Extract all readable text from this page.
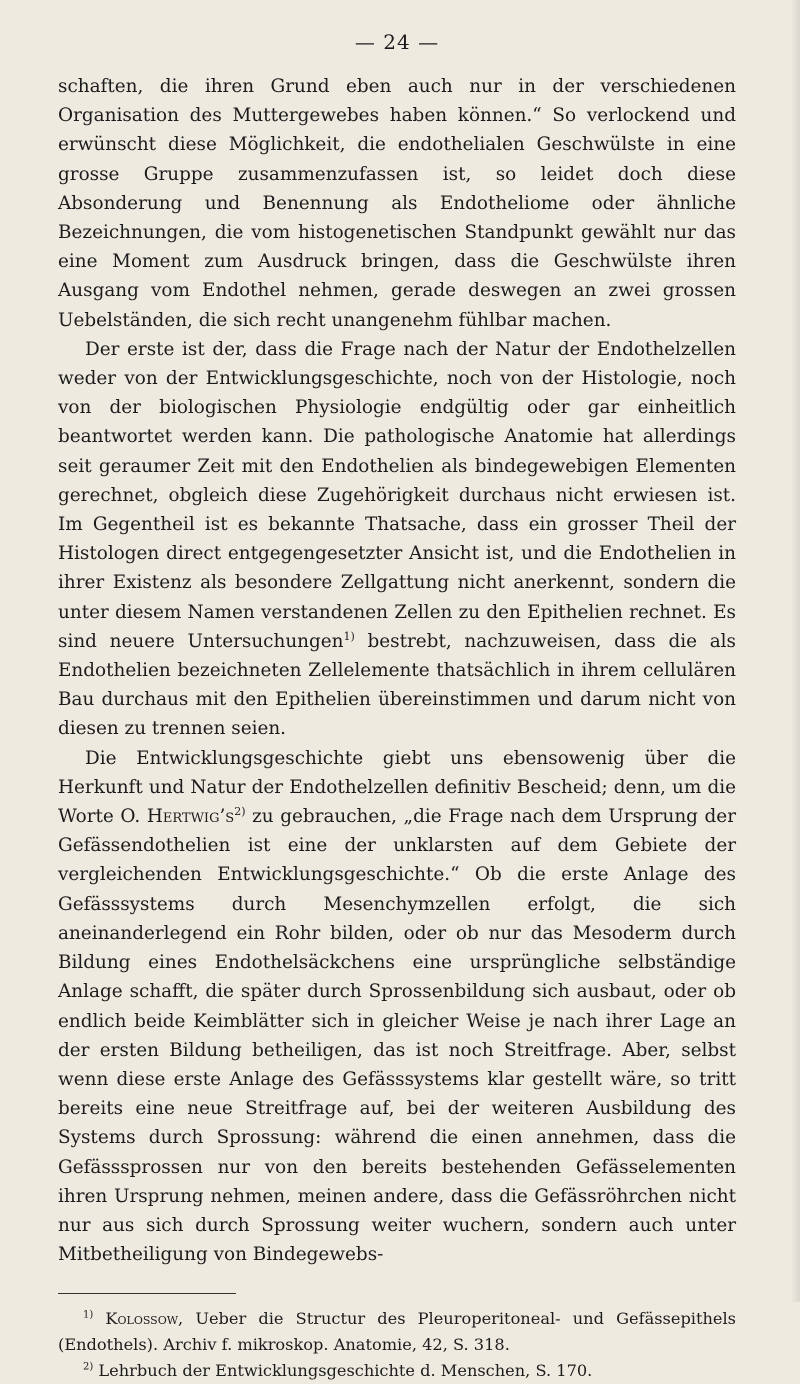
— 24 —

schaften, die ihren Grund eben auch nur in der verschiedenen Organisation des Muttergewebes haben können.“ So verlockend und erwünscht diese Möglichkeit, die endothelialen Geschwülste in eine grosse Gruppe zusammenzufassen ist, so leidet doch diese Absonderung und Benennung als Endotheliome oder ähnliche Bezeichnungen, die vom histogenetischen Standpunkt gewählt nur das eine Moment zum Ausdruck bringen, dass die Geschwülste ihren Ausgang vom Endothel nehmen, gerade deswegen an zwei grossen Uebelständen, die sich recht unangenehm fühlbar machen.

Der erste ist der, dass die Frage nach der Natur der Endothelzellen weder von der Entwicklungsgeschichte, noch von der Histologie, noch von der biologischen Physiologie endgültig oder gar einheitlich beantwortet werden kann. Die pathologische Anatomie hat allerdings seit geraumer Zeit mit den Endothelien als bindegewebigen Elementen gerechnet, obgleich diese Zugehörigkeit durchaus nicht erwiesen ist. Im Gegentheil ist es bekannte Thatsache, dass ein grosser Theil der Histologen direct entgegengesetzter Ansicht ist, und die Endothelien in ihrer Existenz als besondere Zellgattung nicht anerkennt, sondern die unter diesem Namen verstandenen Zellen zu den Epithelien rechnet. Es sind neuere Untersuchungen$^{1)}$ bestrebt, nachzuweisen, dass die als Endothelien bezeichneten Zellelemente thatsächlich in ihrem cellulären Bau durchaus mit den Epithelien übereinstimmen und darum nicht von diesen zu trennen seien.

Die Entwicklungsgeschichte giebt uns ebensowenig über die Herkunft und Natur der Endothelzellen definitiv Bescheid; denn, um die Worte O. Hertwig’s$^{2)}$ zu gebrauchen, „die Frage nach dem Ursprung der Gefässendothelien ist eine der unklarsten auf dem Gebiete der vergleichenden Entwicklungsgeschichte.“ Ob die erste Anlage des Gefässsystems durch Mesenchymzellen erfolgt, die sich aneinanderlegend ein Rohr bilden, oder ob nur das Mesoderm durch Bildung eines Endothelsäckchens eine ursprüngliche selbständige Anlage schafft, die später durch Sprossenbildung sich ausbaut, oder ob endlich beide Keimblätter sich in gleicher Weise je nach ihrer Lage an der ersten Bildung betheiligen, das ist noch Streitfrage. Aber, selbst wenn diese erste Anlage des Gefässsystems klar gestellt wäre, so tritt bereits eine neue Streitfrage auf, bei der weiteren Ausbildung des Systems durch Sprossung: während die einen annehmen, dass die Gefässsprossen nur von den bereits bestehenden Gefässelementen ihren Ursprung nehmen, meinen andere, dass die Gefässröhrchen nicht nur aus sich durch Sprossung weiter wuchern, sondern auch unter Mitbetheiligung von Bindegewebs-

$^{1)}$ Kolossow, Ueber die Structur des Pleuroperitoneal- und Gefässepithels (Endothels). Archiv f. mikroskop. Anatomie, 42, S. 318.

$^{2)}$ Lehrbuch der Entwicklungsgeschichte d. Menschen, S. 170.
